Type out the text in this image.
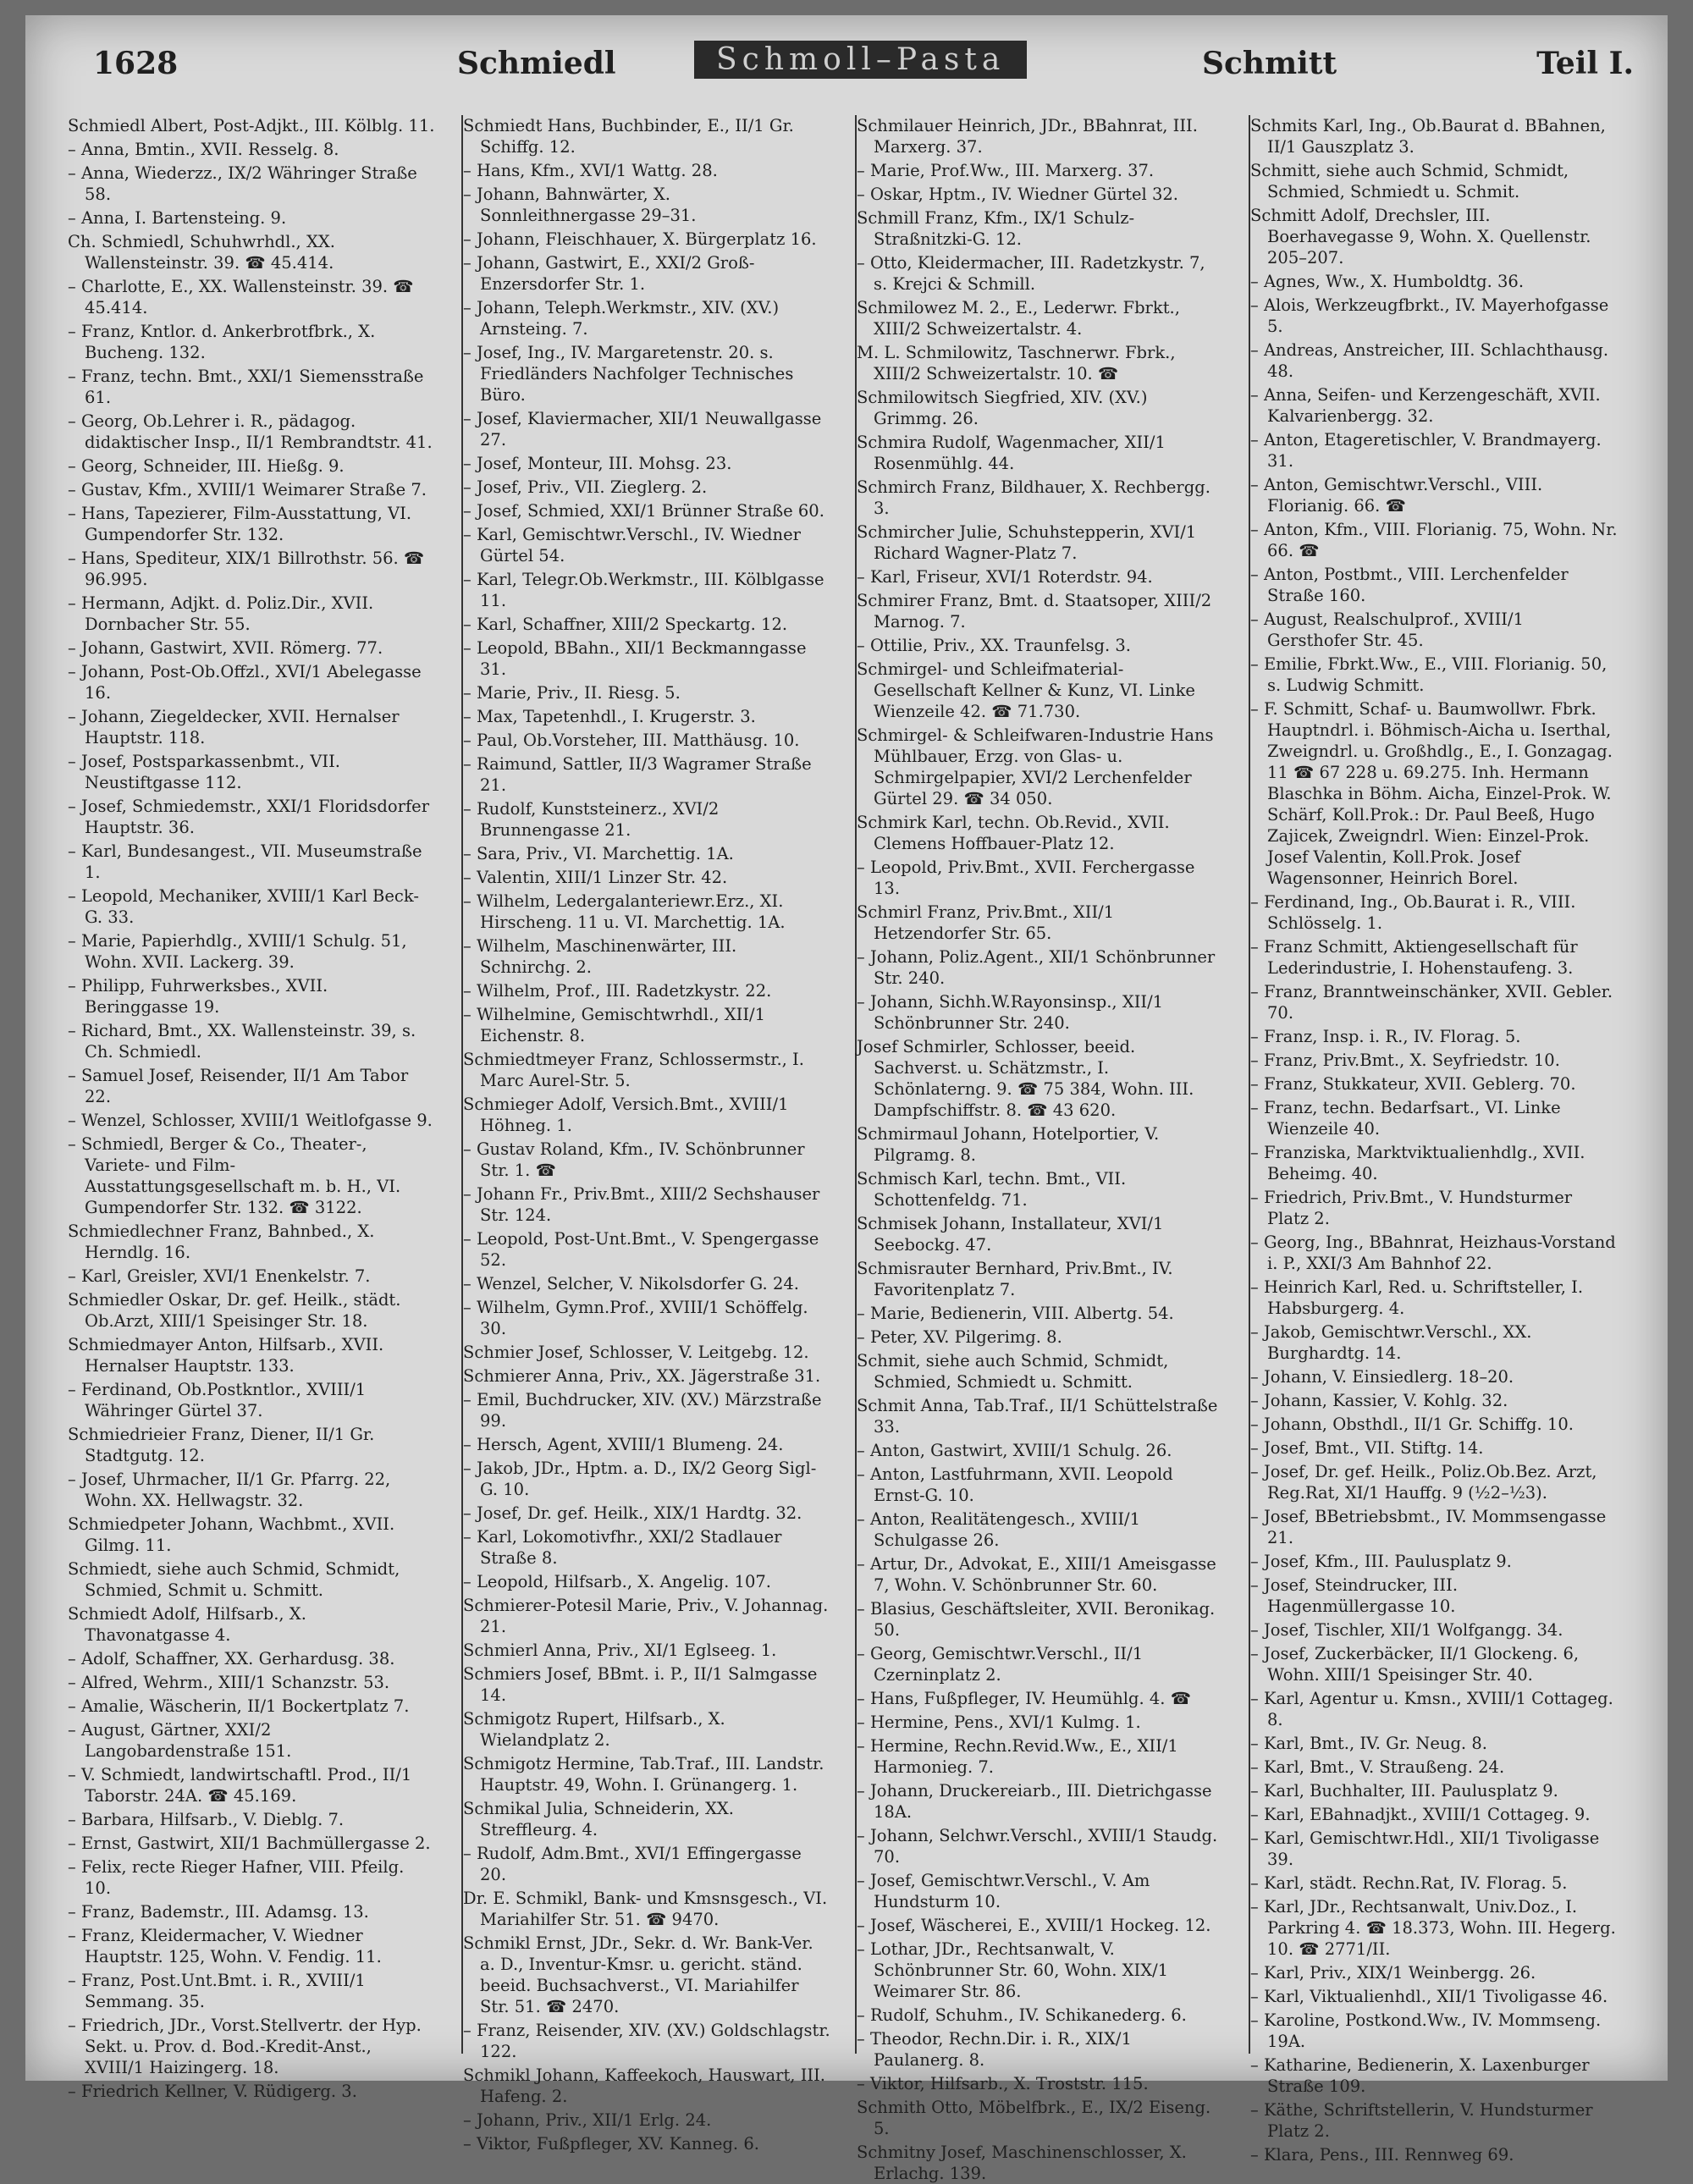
1628	Schmiedl	Schmoll–Pasta	Schmitt	Teil I.

Schmiedl Albert, Post-Adjkt., III. Kölblg. 11.

– Anna, Bmtin., XVII. Resselg. 8.

– Anna, Wiederzz., IX/2 Währinger Straße 58.

– Anna, I. Bartensteing. 9.

Ch. Schmiedl, Schuhwrhdl., XX. Wallensteinstr. 39. ☎ 45.414.

– Charlotte, E., XX. Wallensteinstr. 39. ☎ 45.414.

– Franz, Kntlor. d. Ankerbrotfbrk., X. Bucheng. 132.

– Franz, techn. Bmt., XXI/1 Siemensstraße 61.

– Georg, Ob.Lehrer i. R., pädagog. didaktischer Insp., II/1 Rembrandtstr. 41.

– Georg, Schneider, III. Hießg. 9.

– Gustav, Kfm., XVIII/1 Weimarer Straße 7.

– Hans, Tapezierer, Film-Ausstattung, VI. Gumpendorfer Str. 132.

– Hans, Spediteur, XIX/1 Billrothstr. 56. ☎ 96.995.

– Hermann, Adjkt. d. Poliz.Dir., XVII. Dornbacher Str. 55.

– Johann, Gastwirt, XVII. Römerg. 77.

– Johann, Post-Ob.Offzl., XVI/1 Abelegasse 16.

– Johann, Ziegeldecker, XVII. Hernalser Hauptstr. 118.

– Josef, Postsparkassenbmt., VII. Neustiftgasse 112.

– Josef, Schmiedemstr., XXI/1 Floridsdorfer Hauptstr. 36.

– Karl, Bundesangest., VII. Museumstraße 1.

– Leopold, Mechaniker, XVIII/1 Karl Beck-G. 33.

– Marie, Papierhdlg., XVIII/1 Schulg. 51, Wohn. XVII. Lackerg. 39.

– Philipp, Fuhrwerksbes., XVII. Beringgasse 19.

– Richard, Bmt., XX. Wallensteinstr. 39, s. Ch. Schmiedl.

– Samuel Josef, Reisender, II/1 Am Tabor 22.

– Wenzel, Schlosser, XVIII/1 Weitlofgasse 9.

– Schmiedl, Berger & Co., Theater-, Variete- und Film-Ausstattungsgesellschaft m. b. H., VI. Gumpendorfer Str. 132. ☎ 3122.

Schmiedlechner Franz, Bahnbed., X. Herndlg. 16.

– Karl, Greisler, XVI/1 Enenkelstr. 7.

Schmiedler Oskar, Dr. gef. Heilk., städt. Ob.Arzt, XIII/1 Speisinger Str. 18.

Schmiedmayer Anton, Hilfsarb., XVII. Hernalser Hauptstr. 133.

– Ferdinand, Ob.Postkntlor., XVIII/1 Währinger Gürtel 37.

Schmiedrieier Franz, Diener, II/1 Gr. Stadtgutg. 12.

– Josef, Uhrmacher, II/1 Gr. Pfarrg. 22, Wohn. XX. Hellwagstr. 32.

Schmiedpeter Johann, Wachbmt., XVII. Gilmg. 11.

Schmiedt, siehe auch Schmid, Schmidt, Schmied, Schmit u. Schmitt.

Schmiedt Adolf, Hilfsarb., X. Thavonatgasse 4.

– Adolf, Schaffner, XX. Gerhardusg. 38.

– Alfred, Wehrm., XIII/1 Schanzstr. 53.

– Amalie, Wäscherin, II/1 Bockertplatz 7.

– August, Gärtner, XXI/2 Langobardenstraße 151.

– V. Schmiedt, landwirtschaftl. Prod., II/1 Taborstr. 24A. ☎ 45.169.

– Barbara, Hilfsarb., V. Dieblg. 7.

– Ernst, Gastwirt, XII/1 Bachmüllergasse 2.

– Felix, recte Rieger Hafner, VIII. Pfeilg. 10.

– Franz, Bademstr., III. Adamsg. 13.

– Franz, Kleidermacher, V. Wiedner Hauptstr. 125, Wohn. V. Fendig. 11.

– Franz, Post.Unt.Bmt. i. R., XVIII/1 Semmang. 35.

– Friedrich, JDr., Vorst.Stellvertr. der Hyp. Sekt. u. Prov. d. Bod.-Kredit-Anst., XVIII/1 Haizingerg. 18.

– Friedrich Kellner, V. Rüdigerg. 3.

Schmiedt Hans, Buchbinder, E., II/1 Gr. Schiffg. 12.

– Hans, Kfm., XVI/1 Wattg. 28.

– Johann, Bahnwärter, X. Sonnleithnergasse 29–31.

– Johann, Fleischhauer, X. Bürgerplatz 16.

– Johann, Gastwirt, E., XXI/2 Groß-Enzersdorfer Str. 1.

– Johann, Teleph.Werkmstr., XIV. (XV.) Arnsteing. 7.

– Josef, Ing., IV. Margaretenstr. 20. s. Friedländers Nachfolger Technisches Büro.

– Josef, Klaviermacher, XII/1 Neuwallgasse 27.

– Josef, Monteur, III. Mohsg. 23.

– Josef, Priv., VII. Zieglerg. 2.

– Josef, Schmied, XXI/1 Brünner Straße 60.

– Karl, Gemischtwr.Verschl., IV. Wiedner Gürtel 54.

– Karl, Telegr.Ob.Werkmstr., III. Kölblgasse 11.

– Karl, Schaffner, XIII/2 Speckartg. 12.

– Leopold, BBahn., XII/1 Beckmanngasse 31.

– Marie, Priv., II. Riesg. 5.

– Max, Tapetenhdl., I. Krugerstr. 3.

– Paul, Ob.Vorsteher, III. Matthäusg. 10.

– Raimund, Sattler, II/3 Wagramer Straße 21.

– Rudolf, Kunststeinerz., XVI/2 Brunnengasse 21.

– Sara, Priv., VI. Marchettig. 1A.

– Valentin, XIII/1 Linzer Str. 42.

– Wilhelm, Ledergalanteriewr.Erz., XI. Hirscheng. 11 u. VI. Marchettig. 1A.

– Wilhelm, Maschinenwärter, III. Schnirchg. 2.

– Wilhelm, Prof., III. Radetzkystr. 22.

– Wilhelmine, Gemischtwrhdl., XII/1 Eichenstr. 8.

Schmiedtmeyer Franz, Schlossermstr., I. Marc Aurel-Str. 5.

Schmieger Adolf, Versich.Bmt., XVIII/1 Höhneg. 1.

– Gustav Roland, Kfm., IV. Schönbrunner Str. 1. ☎

– Johann Fr., Priv.Bmt., XIII/2 Sechshauser Str. 124.

– Leopold, Post-Unt.Bmt., V. Spengergasse 52.

– Wenzel, Selcher, V. Nikolsdorfer G. 24.

– Wilhelm, Gymn.Prof., XVIII/1 Schöffelg. 30.

Schmier Josef, Schlosser, V. Leitgebg. 12.

Schmierer Anna, Priv., XX. Jägerstraße 31.

– Emil, Buchdrucker, XIV. (XV.) Märzstraße 99.

– Hersch, Agent, XVIII/1 Blumeng. 24.

– Jakob, JDr., Hptm. a. D., IX/2 Georg Sigl-G. 10.

– Josef, Dr. gef. Heilk., XIX/1 Hardtg. 32.

– Karl, Lokomotivfhr., XXI/2 Stadlauer Straße 8.

– Leopold, Hilfsarb., X. Angelig. 107.

Schmierer-Potesil Marie, Priv., V. Johannag. 21.

Schmierl Anna, Priv., XI/1 Eglseeg. 1.

Schmiers Josef, BBmt. i. P., II/1 Salmgasse 14.

Schmigotz Rupert, Hilfsarb., X. Wielandplatz 2.

Schmigotz Hermine, Tab.Traf., III. Landstr. Hauptstr. 49, Wohn. I. Grünangerg. 1.

Schmikal Julia, Schneiderin, XX. Streffleurg. 4.

– Rudolf, Adm.Bmt., XVI/1 Effingergasse 20.

Dr. E. Schmikl, Bank- und Kmsnsgesch., VI. Mariahilfer Str. 51. ☎ 9470.

Schmikl Ernst, JDr., Sekr. d. Wr. Bank-Ver. a. D., Inventur-Kmsr. u. gericht. ständ. beeid. Buchsachverst., VI. Mariahilfer Str. 51. ☎ 2470.

– Franz, Reisender, XIV. (XV.) Goldschlagstr. 122.

Schmikl Johann, Kaffeekoch, Hauswart, III. Hafeng. 2.

– Johann, Priv., XII/1 Erlg. 24.

– Viktor, Fußpfleger, XV. Kanneg. 6.

Schmilauer Heinrich, JDr., BBahnrat, III. Marxerg. 37.

– Marie, Prof.Ww., III. Marxerg. 37.

– Oskar, Hptm., IV. Wiedner Gürtel 32.

Schmill Franz, Kfm., IX/1 Schulz-Straßnitzki-G. 12.

– Otto, Kleidermacher, III. Radetzkystr. 7, s. Krejci & Schmill.

Schmilowez M. 2., E., Lederwr. Fbrkt., XIII/2 Schweizertalstr. 4.

M. L. Schmilowitz, Taschnerwr. Fbrk., XIII/2 Schweizertalstr. 10. ☎

Schmilowitsch Siegfried, XIV. (XV.) Grimmg. 26.

Schmira Rudolf, Wagenmacher, XII/1 Rosenmühlg. 44.

Schmirch Franz, Bildhauer, X. Rechbergg. 3.

Schmircher Julie, Schuhstepperin, XVI/1 Richard Wagner-Platz 7.

– Karl, Friseur, XVI/1 Roterdstr. 94.

Schmirer Franz, Bmt. d. Staatsoper, XIII/2 Marnog. 7.

– Ottilie, Priv., XX. Traunfelsg. 3.

Schmirgel- und Schleifmaterial-Gesellschaft Kellner & Kunz, VI. Linke Wienzeile 42. ☎ 71.730.

Schmirgel- & Schleifwaren-Industrie Hans Mühlbauer, Erzg. von Glas- u. Schmirgelpapier, XVI/2 Lerchenfelder Gürtel 29. ☎ 34 050.

Schmirk Karl, techn. Ob.Revid., XVII. Clemens Hoffbauer-Platz 12.

– Leopold, Priv.Bmt., XVII. Ferchergasse 13.

Schmirl Franz, Priv.Bmt., XII/1 Hetzendorfer Str. 65.

– Johann, Poliz.Agent., XII/1 Schönbrunner Str. 240.

– Johann, Sichh.W.Rayonsinsp., XII/1 Schönbrunner Str. 240.

Josef Schmirler, Schlosser, beeid. Sachverst. u. Schätzmstr., I. Schönlaterng. 9. ☎ 75 384, Wohn. III. Dampfschiffstr. 8. ☎ 43 620.

Schmirmaul Johann, Hotelportier, V. Pilgramg. 8.

Schmisch Karl, techn. Bmt., VII. Schottenfeldg. 71.

Schmisek Johann, Installateur, XVI/1 Seebockg. 47.

Schmisrauter Bernhard, Priv.Bmt., IV. Favoritenplatz 7.

– Marie, Bedienerin, VIII. Albertg. 54.

– Peter, XV. Pilgerimg. 8.

Schmit, siehe auch Schmid, Schmidt, Schmied, Schmiedt u. Schmitt.

Schmit Anna, Tab.Traf., II/1 Schüttelstraße 33.

– Anton, Gastwirt, XVIII/1 Schulg. 26.

– Anton, Lastfuhrmann, XVII. Leopold Ernst-G. 10.

– Anton, Realitätengesch., XVIII/1 Schulgasse 26.

– Artur, Dr., Advokat, E., XIII/1 Ameisgasse 7, Wohn. V. Schönbrunner Str. 60.

– Blasius, Geschäftsleiter, XVII. Beronikag. 50.

– Georg, Gemischtwr.Verschl., II/1 Czerninplatz 2.

– Hans, Fußpfleger, IV. Heumühlg. 4. ☎

– Hermine, Pens., XVI/1 Kulmg. 1.

– Hermine, Rechn.Revid.Ww., E., XII/1 Harmonieg. 7.

– Johann, Druckereiarb., III. Dietrichgasse 18A.

– Johann, Selchwr.Verschl., XVIII/1 Staudg. 70.

– Josef, Gemischtwr.Verschl., V. Am Hundsturm 10.

– Josef, Wäscherei, E., XVIII/1 Hockeg. 12.

– Lothar, JDr., Rechtsanwalt, V. Schönbrunner Str. 60, Wohn. XIX/1 Weimarer Str. 86.

– Rudolf, Schuhm., IV. Schikanederg. 6.

– Theodor, Rechn.Dir. i. R., XIX/1 Paulanerg. 8.

– Viktor, Hilfsarb., X. Troststr. 115.

Schmith Otto, Möbelfbrk., E., IX/2 Eiseng. 5.

Schmitny Josef, Maschinenschlosser, X. Erlachg. 139.

Schmits Karl, Ing., Ob.Baurat d. BBahnen, II/1 Gauszplatz 3.

Schmitt, siehe auch Schmid, Schmidt, Schmied, Schmiedt u. Schmit.

Schmitt Adolf, Drechsler, III. Boerhavegasse 9, Wohn. X. Quellenstr. 205–207.

– Agnes, Ww., X. Humboldtg. 36.

– Alois, Werkzeugfbrkt., IV. Mayerhofgasse 5.

– Andreas, Anstreicher, III. Schlachthausg. 48.

– Anna, Seifen- und Kerzengeschäft, XVII. Kalvarienbergg. 32.

– Anton, Etageretischler, V. Brandmayerg. 31.

– Anton, Gemischtwr.Verschl., VIII. Florianig. 66. ☎

– Anton, Kfm., VIII. Florianig. 75, Wohn. Nr. 66. ☎

– Anton, Postbmt., VIII. Lerchenfelder Straße 160.

– August, Realschulprof., XVIII/1 Gersthofer Str. 45.

– Emilie, Fbrkt.Ww., E., VIII. Florianig. 50, s. Ludwig Schmitt.

– F. Schmitt, Schaf- u. Baumwollwr. Fbrk. Hauptndrl. i. Böhmisch-Aicha u. Iserthal, Zweigndrl. u. Großhdlg., E., I. Gonzagag. 11 ☎ 67 228 u. 69.275. Inh. Hermann Blaschka in Böhm. Aicha, Einzel-Prok. W. Schärf, Koll.Prok.: Dr. Paul Beeß, Hugo Zajicek, Zweigndrl. Wien: Einzel-Prok. Josef Valentin, Koll.Prok. Josef Wagensonner, Heinrich Borel.

– Ferdinand, Ing., Ob.Baurat i. R., VIII. Schlösselg. 1.

– Franz Schmitt, Aktiengesellschaft für Lederindustrie, I. Hohenstaufeng. 3.

– Franz, Branntweinschänker, XVII. Gebler. 70.

– Franz, Insp. i. R., IV. Florag. 5.

– Franz, Priv.Bmt., X. Seyfriedstr. 10.

– Franz, Stukkateur, XVII. Geblerg. 70.

– Franz, techn. Bedarfsart., VI. Linke Wienzeile 40.

– Franziska, Marktviktualienhdlg., XVII. Beheimg. 40.

– Friedrich, Priv.Bmt., V. Hundsturmer Platz 2.

– Georg, Ing., BBahnrat, Heizhaus-Vorstand i. P., XXI/3 Am Bahnhof 22.

– Heinrich Karl, Red. u. Schriftsteller, I. Habsburgerg. 4.

– Jakob, Gemischtwr.Verschl., XX. Burghardtg. 14.

– Johann, V. Einsiedlerg. 18–20.

– Johann, Kassier, V. Kohlg. 32.

– Johann, Obsthdl., II/1 Gr. Schiffg. 10.

– Josef, Bmt., VII. Stiftg. 14.

– Josef, Dr. gef. Heilk., Poliz.Ob.Bez. Arzt, Reg.Rat, XI/1 Hauffg. 9 (½2–½3).

– Josef, BBetriebsbmt., IV. Mommsengasse 21.

– Josef, Kfm., III. Paulusplatz 9.

– Josef, Steindrucker, III. Hagenmüllergasse 10.

– Josef, Tischler, XII/1 Wolfgangg. 34.

– Josef, Zuckerbäcker, II/1 Glockeng. 6, Wohn. XIII/1 Speisinger Str. 40.

– Karl, Agentur u. Kmsn., XVIII/1 Cottageg. 8.

– Karl, Bmt., IV. Gr. Neug. 8.

– Karl, Bmt., V. Straußeng. 24.

– Karl, Buchhalter, III. Paulusplatz 9.

– Karl, EBahnadjkt., XVIII/1 Cottageg. 9.

– Karl, Gemischtwr.Hdl., XII/1 Tivoligasse 39.

– Karl, städt. Rechn.Rat, IV. Florag. 5.

– Karl, JDr., Rechtsanwalt, Univ.Doz., I. Parkring 4. ☎ 18.373, Wohn. III. Hegerg. 10. ☎ 2771/II.

– Karl, Priv., XIX/1 Weinbergg. 26.

– Karl, Viktualienhdl., XII/1 Tivoligasse 46.

– Karoline, Postkond.Ww., IV. Mommseng. 19A.

– Katharine, Bedienerin, X. Laxenburger Straße 109.

– Käthe, Schriftstellerin, V. Hundsturmer Platz 2.

– Klara, Pens., III. Rennweg 69.
